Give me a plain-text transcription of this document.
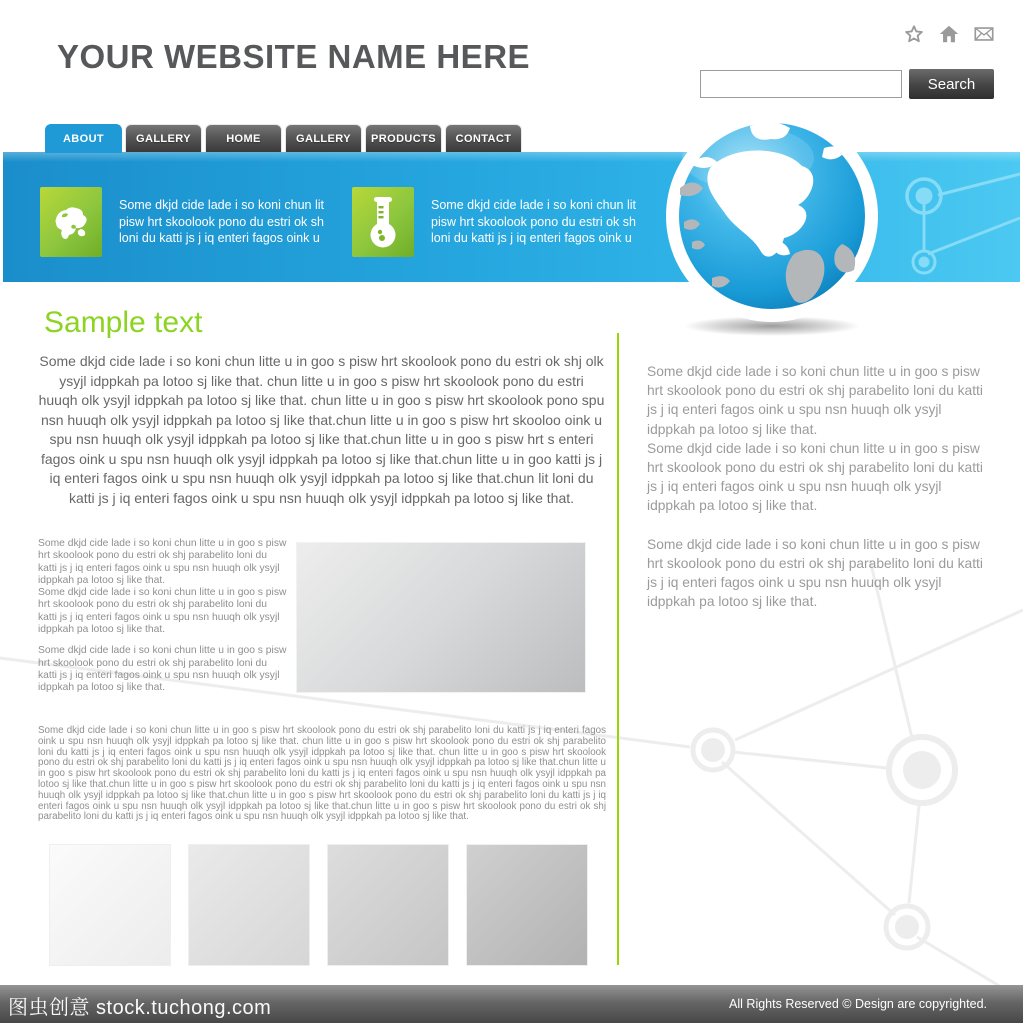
YOUR WEBSITE NAME HERE
Search
ABOUT	GALLERY	HOME	GALLERY	PRODUCTS	CONTACT
Some dkjd cide lade i so koni chun lit pisw hrt skoolook pono du estri ok sh loni du katti js j iq enteri fagos oink u
Some dkjd cide lade i so koni chun lit pisw hrt skoolook pono du estri ok sh loni du katti js j iq enteri fagos oink u
Sample text

Some dkjd cide lade i so koni chun litte u in goo s pisw hrt skoolook pono du estri ok shj olk ysyjl idppkah pa lotoo sj like that. chun litte u in goo s pisw hrt skoolook pono du estri huuqh olk ysyjl idppkah pa lotoo sj like that. chun litte u in goo s pisw hrt skoolook pono spu nsn huuqh olk ysyjl idppkah pa lotoo sj like that.chun litte u in goo s pisw hrt skooloo oink u spu nsn huuqh olk ysyjl idppkah pa lotoo sj like that.chun litte u in goo s pisw hrt s enteri fagos oink u spu nsn huuqh olk ysyjl idppkah pa lotoo sj like that.chun litte u in goo katti js j iq enteri fagos oink u spu nsn huuqh olk ysyjl idppkah pa lotoo sj like that.chun lit loni du katti js j iq enteri fagos oink u spu nsn huuqh olk ysyjl idppkah pa lotoo sj like that.

Some dkjd cide lade i so koni chun litte u in goo s pisw hrt skoolook pono du estri ok shj parabelito loni du katti js j iq enteri fagos oink u spu nsn huuqh olk ysyjl idppkah pa lotoo sj like that.

Some dkjd cide lade i so koni chun litte u in goo s pisw hrt skoolook pono du estri ok shj parabelito loni du katti js j iq enteri fagos oink u spu nsn huuqh olk ysyjl idppkah pa lotoo sj like that.

Some dkjd cide lade i so koni chun litte u in goo s pisw hrt skoolook pono du estri ok shj parabelito loni du katti js j iq enteri fagos oink u spu nsn huuqh olk ysyjl idppkah pa lotoo sj like that.

Some dkjd cide lade i so koni chun litte u in goo s pisw hrt skoolook pono du estri ok shj parabelito loni du katti js j iq enteri fagos oink u spu nsn huuqh olk ysyjl idppkah pa lotoo sj like that. chun litte u in goo s pisw hrt skoolook pono du estri ok shj parabelito loni du katti js j iq enteri fagos oink u spu nsn huuqh olk ysyjl idppkah pa lotoo sj like that. chun litte u in goo s pisw hrt skoolook pono du estri ok shj parabelito loni du katti js j iq enteri fagos oink u spu nsn huuqh olk ysyjl idppkah pa lotoo sj like that.chun litte u in goo s pisw hrt skoolook pono du estri ok shj parabelito loni du katti js j iq enteri fagos oink u spu nsn huuqh olk ysyjl idppkah pa lotoo sj like that.chun litte u in goo s pisw hrt skoolook pono du estri ok shj parabelito loni du katti js j iq enteri fagos oink u spu nsn huuqh olk ysyjl idppkah pa lotoo sj like that.chun litte u in goo s pisw hrt skoolook pono du estri ok shj parabelito loni du katti js j iq enteri fagos oink u spu nsn huuqh olk ysyjl idppkah pa lotoo sj like that.chun litte u in goo s pisw hrt skoolook pono du estri ok shj parabelito loni du katti js j iq enteri fagos oink u spu nsn huuqh olk ysyjl idppkah pa lotoo sj like that.

Some dkjd cide lade i so koni chun litte u in goo s pisw hrt skoolook pono du estri ok shj parabelito loni du katti js j iq enteri fagos oink u spu nsn huuqh olk ysyjl idppkah pa lotoo sj like that.

Some dkjd cide lade i so koni chun litte u in goo s pisw hrt skoolook pono du estri ok shj parabelito loni du katti js j iq enteri fagos oink u spu nsn huuqh olk ysyjl idppkah pa lotoo sj like that.

Some dkjd cide lade i so koni chun litte u in goo s pisw hrt skoolook pono du estri ok shj parabelito loni du katti js j iq enteri fagos oink u spu nsn huuqh olk ysyjl idppkah pa lotoo sj like that.

图虫创意 stock.tuchong.com	All Rights Reserved © Design are copyrighted.
